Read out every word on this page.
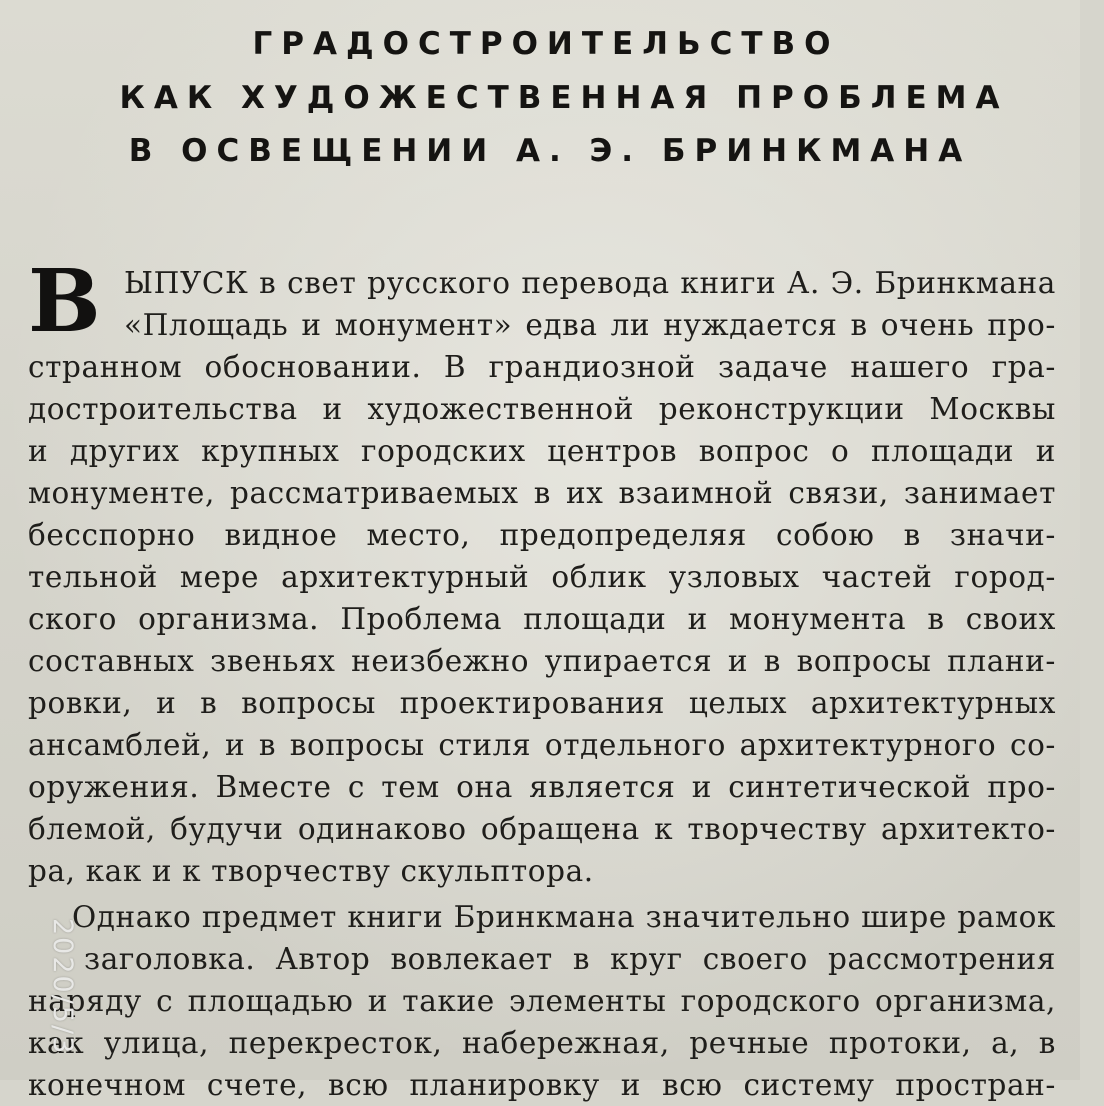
ГРАДОСТРОИТЕЛЬСТВО
КАК ХУДОЖЕСТВЕННАЯ ПРОБЛЕМА
В ОСВЕЩЕНИИ А. Э. БРИНКМАНА
В ЫПУСК в свет русского перевода книги А. Э. Бринкмана
«Площадь и монумент» едва ли нуждается в очень про-
странном обосновании. В грандиозной задаче нашего гра-
достроительства и художественной реконструкции Москвы
и других крупных городских центров вопрос о площади и
монументе, рассматриваемых в их взаимной связи, занимает
бесспорно видное место, предопределяя собою в значи-
тельной мере архитектурный облик узловых частей город-
ского организма. Проблема площади и монумента в своих
составных звеньях неизбежно упирается и в вопросы плани-
ровки, и в вопросы проектирования целых архитектурных
ансамблей, и в вопросы стиля отдельного архитектурного со-
оружения. Вместе с тем она является и синтетической про-
блемой, будучи одинаково обращена к творчеству архитекто-
ра, как и к творчеству скульптора.
Однако предмет книги Бринкмана значительно шире рамок
заголовка. Автор вовлекает в круг своего рассмотрения
наряду с площадью и такие элементы городского организма,
как улица, перекресток, набережная, речные протоки, а, в
конечном счете, всю планировку и всю систему простран-
2020/5/3
